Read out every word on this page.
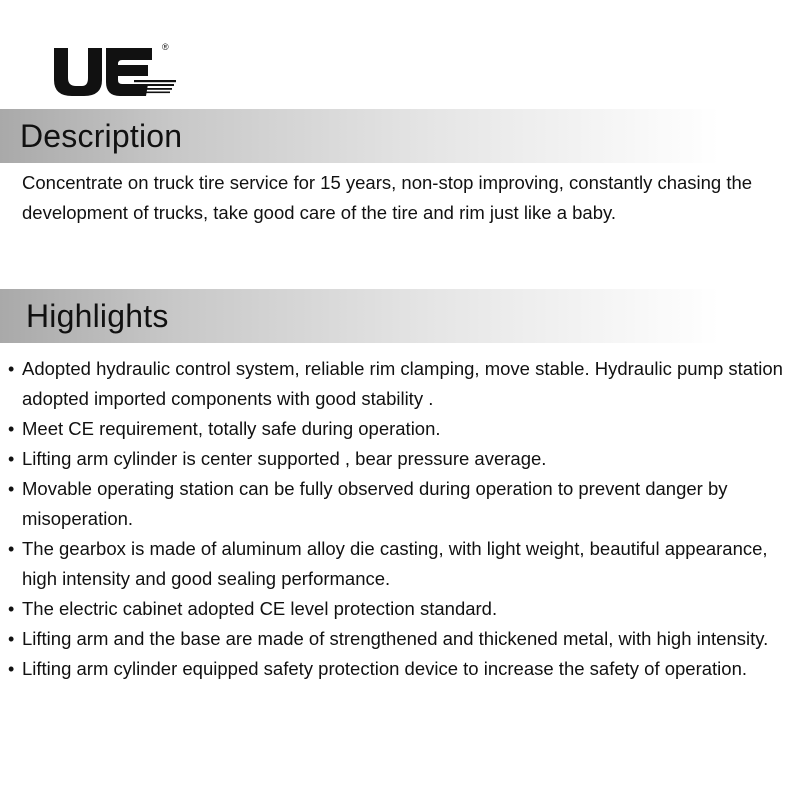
®
Description

Concentrate on truck tire service for 15 years, non-stop improving, constantly chasing the development of trucks, take good care of the tire and rim just like a baby.

Highlights
• Adopted hydraulic control system, reliable rim clamping, move stable. Hydraulic pump station adopted imported components with good stability .
• Meet CE requirement, totally safe during operation.
• Lifting arm cylinder is center supported , bear pressure average.
• Movable operating station can be fully observed during operation to prevent danger by misoperation.
• The gearbox is made of aluminum alloy die casting, with light weight, beautiful appearance, high intensity and good sealing performance.
• The electric cabinet adopted CE level protection standard.
• Lifting arm and the base are made of strengthened and thickened metal, with high intensity.
• Lifting arm cylinder equipped safety protection device to increase the safety of operation.
